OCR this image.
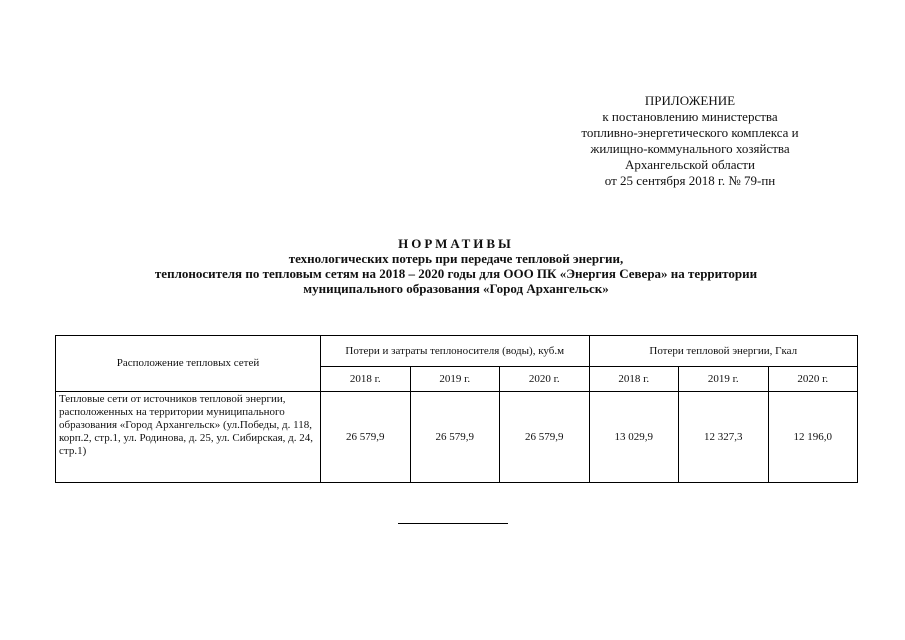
ПРИЛОЖЕНИЕ
к постановлению министерства
топливно-энергетического комплекса и
жилищно-коммунального хозяйства
Архангельской области
от 25 сентября 2018 г. № 79-пн
НОРМАТИВЫ
технологических потерь при передаче тепловой энергии,
теплоносителя по тепловым сетям на 2018 – 2020 годы для ООО ПК «Энергия Севера» на территории
муниципального образования «Город Архангельск»
Расположение тепловых сетей	Потери и затраты теплоносителя (воды), куб.м			Потери тепловой энергии, Гкал		
	2018 г.	2019 г.	2020 г.	2018 г.	2019 г.	2020 г.
Тепловые сети от источников тепловой энергии, расположенных на территории муниципального образования «Город Архангельск» (ул.Победы, д. 118, корп.2, стр.1, ул. Родинова, д. 25, ул. Сибирская, д. 24, стр.1)	26 579,9	26 579,9	26 579,9	13 029,9	12 327,3	12 196,0
